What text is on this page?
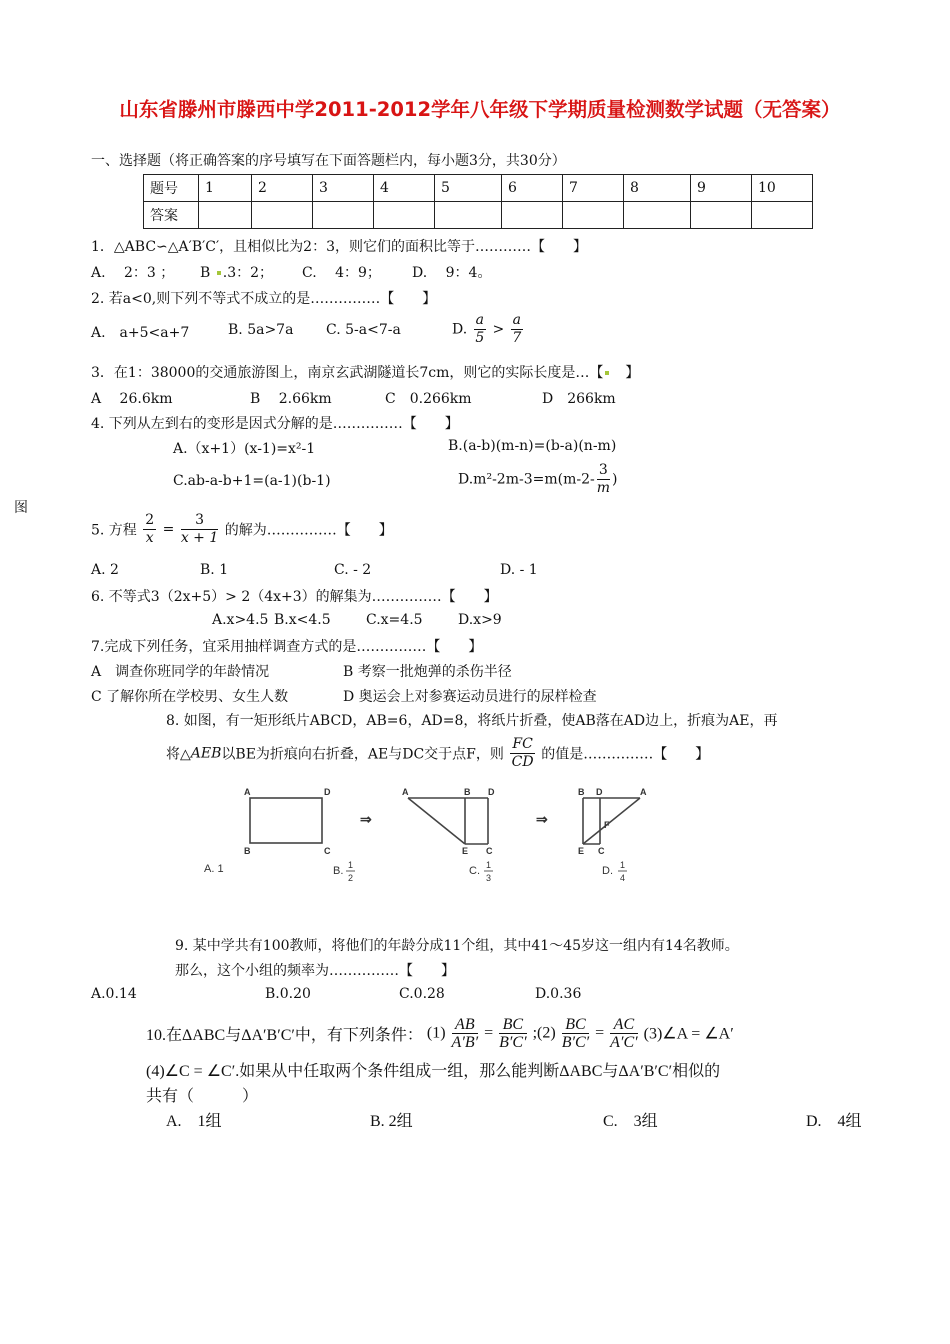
山东省滕州市滕西中学2011-2012学年八年级下学期质量检测数学试题（无答案）
一、选择题（将正确答案的序号填写在下面答题栏内，每小题3分，共30分）
题号	1	2	3	4	5	6	7	8	9	10
答案										
1．△ABC∽△A′B′C′，且相似比为2：3，则它们的面积比等于…………【　　】
A.　 2：3 ； B .3：2； C.　 4：9； D.　 9：4。
2. 若a<0,则下列不等式不成立的是……………【　　】
A.　a+5<a+7	B. 5a>7a C. 5-a<7-a	D. $\frac{a}{5} > \frac{a}{7}$
3．在1：38000的交通旅游图上，南京玄武湖隧道长7cm，则它的实际长度是…【　 】
A　 26.6km	B　 2.66km	C　0.266km	D　266km
4. 下列从左到右的变形是因式分解的是……………【　　】
A.（x+1）(x-1)=x²-1	B.(a-b)(m-n)=(b-a)(n-m)
C.ab-a-b+1=(a-1)(b-1)	$D.m^2-2m-3=m(m-2- \frac{3}{m}$ )
图
5. 方程 $\frac{2}{x} = \frac{3}{x + 1}$ 的解为……………【　　】
A. 2	B. 1	C. - 2	D. - 1
6. 不等式3（2x+5）> 2（4x+3）的解集为……………【　　】
A.x>4.5 B.x<4.5	C.x=4.5	D.x>9
7.完成下列任务，宜采用抽样调查方式的是……………【　　】
A　调查你班同学的年龄情况	B 考察一批炮弹的杀伤半径
C 了解你所在学校男、女生人数	D 奥运会上对参赛运动员进行的尿样检查
8. 如图，有一矩形纸片ABCD，AB=6，AD=8，将纸片折叠，使AB落在AD边上，折痕为AE，再
将△AEB以BE为折痕向右折叠，AE与DC交于点F，则 $\frac{FC}{CD}$ 的值是……………【　　】
A	D
B	C
⇒
A	B D
E C
⇒
B D	A
F
E C
A. 1	B. 1
2
C. 1
3
D. 1
4
9. 某中学共有100教师，将他们的年龄分成11个组，其中41～45岁这一组内有14名教师。
那么，这个小组的频率为……………【　　】
A.0.14	B.0.20	C.0.28	D.0.36
10.在ΔABC与ΔA′B′C′中，有下列条件： $(1) \frac{AB}{A'B'} = \frac{BC}{B'C'}$ ;(2) $\frac{BC}{B'C'} = \frac{AC}{A'C'}$ (3)∠A = ∠A′
(4)∠C = ∠C′.如果从中任取两个条件组成一组，那么能判断ΔABC与ΔA′B′C′相似的
共有（　　　）
A.　1组	B. 2组	C.　3组	D.　4组
